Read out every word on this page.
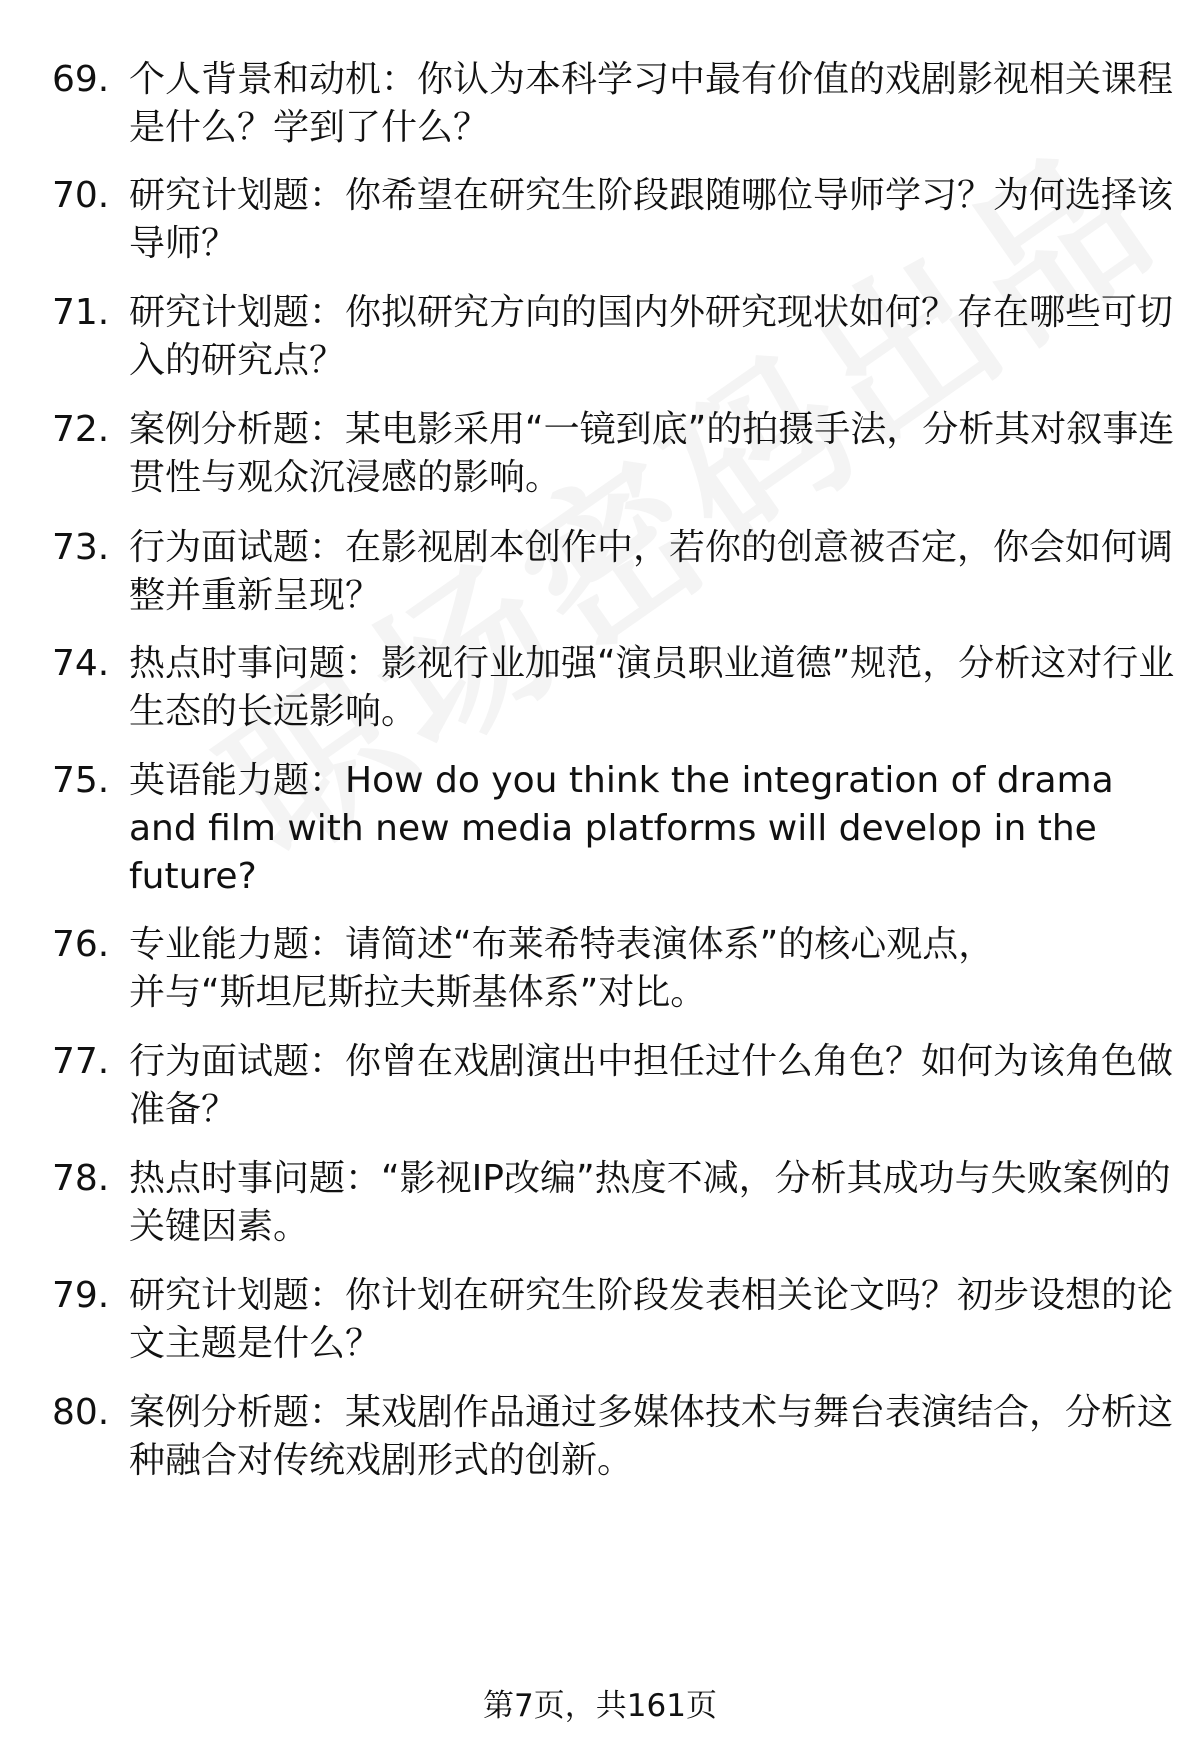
69. 个人背景和动机：你认为本科学习中最有价值的戏剧影视相关课程是什么？学到了什么？
70. 研究计划题：你希望在研究生阶段跟随哪位导师学习？为何选择该导师？
71. 研究计划题：你拟研究方向的国内外研究现状如何？存在哪些可切入的研究点？
72. 案例分析题：某电影采用“一镜到底”的拍摄手法，分析其对叙事连贯性与观众沉浸感的影响。
73. 行为面试题：在影视剧本创作中，若你的创意被否定，你会如何调整并重新呈现？
74. 热点时事问题：影视行业加强“演员职业道德”规范，分析这对行业生态的长远影响。
75. 英语能力题：How do you think the integration of drama and film with new media platforms will develop in the future?
76. 专业能力题：请简述“布莱希特表演体系”的核心观点，并与“斯坦尼斯拉夫斯基体系”对比。
77. 行为面试题：你曾在戏剧演出中担任过什么角色？如何为该角色做准备？
78. 热点时事问题：“影视IP改编”热度不减，分析其成功与失败案例的关键因素。
79. 研究计划题：你计划在研究生阶段发表相关论文吗？初步设想的论文主题是什么？
80. 案例分析题：某戏剧作品通过多媒体技术与舞台表演结合，分析这种融合对传统戏剧形式的创新。
第7页，共161页
